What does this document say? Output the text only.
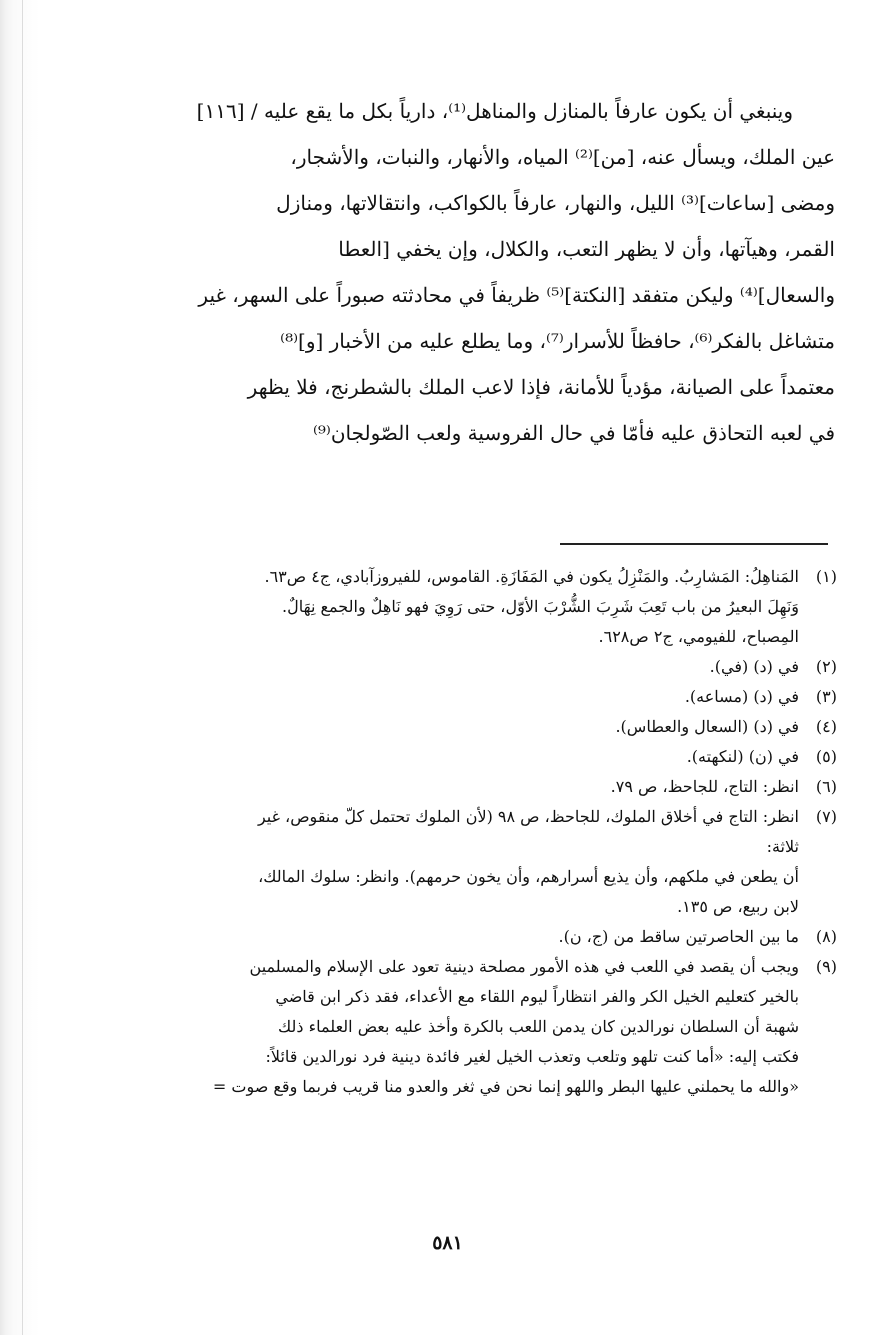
وينبغي أن يكون عارفاً بالمنازل والمناهل⁽¹⁾، دارياً بكل ما يقع عليه / [١١٦]
عين الملك، ويسأل عنه، [من]⁽²⁾ المياه، والأنهار، والنبات، والأشجار،
ومضى [ساعات]⁽³⁾ الليل، والنهار، عارفاً بالكواكب، وانتقالاتها، ومنازل
القمر، وهيآتها، وأن لا يظهر التعب، والكلال، وإن يخفي [العطا
والسعال]⁽⁴⁾ وليكن متفقد [النكتة]⁽⁵⁾ ظريفاً في محادثته صبوراً على السهر، غير
متشاغل بالفكر⁽⁶⁾، حافظاً للأسرار⁽⁷⁾، وما يطلع عليه من الأخبار [و]⁽⁸⁾
معتمداً على الصيانة، مؤدياً للأمانة، فإذا لاعب الملك بالشطرنج، فلا يظهر
في لعبه التحاذق عليه فأمّا في حال الفروسية ولعب الصّولجان⁽⁹⁾
(١)
المَناهِلُ: المَشارِبُ. والمَنْزِلُ يكون في المَفَازَةِ. القاموس، للفيروزآبادي، ج٤ ص٦٣.
وَنَهِلَ البعيرُ من باب تَعِبَ شَرِبَ الشُّرْبَ الأوّل، حتى رَوِيَ فهو نَاهِلٌ والجمع نِهَالٌ.
المِصباح، للفيومي، ج٢ ص٦٢٨.
(٢)
في (د) (في).
(٣)
في (د) (مساعه).
(٤)
في (د) (السعال والعطاس).
(٥)
في (ن) (لنكهته).
(٦)
انظر: التاج، للجاحظ، ص ٧٩.
(٧)
انظر: التاج في أخلاق الملوك، للجاحظ، ص ٩٨ (لأن الملوك تحتمل كلّ منقوص، غير
ثلاثة:
أن يطعن في ملكهم، وأن يذيع أسرارهم، وأن يخون حرمهم). وانظر: سلوك المالك،
لابن ربيع، ص ١٣٥.
(٨)
ما بين الحاصرتين ساقط من (ج، ن).
(٩)
ويجب أن يقصد في اللعب في هذه الأمور مصلحة دينية تعود على الإسلام والمسلمين
بالخير كتعليم الخيل الكر والفر انتظاراً ليوم اللقاء مع الأعداء، فقد ذكر ابن قاضي
شهبة أن السلطان نورالدين كان يدمن اللعب بالكرة وأخذ عليه بعض العلماء ذلك
فكتب إليه: «أما كنت تلهو وتلعب وتعذب الخيل لغير فائدة دينية فرد نورالدين قائلاً:
«والله ما يحملني عليها البطر واللهو إنما نحن في ثغر والعدو منا قريب فربما وقع صوت =
٥٨١
